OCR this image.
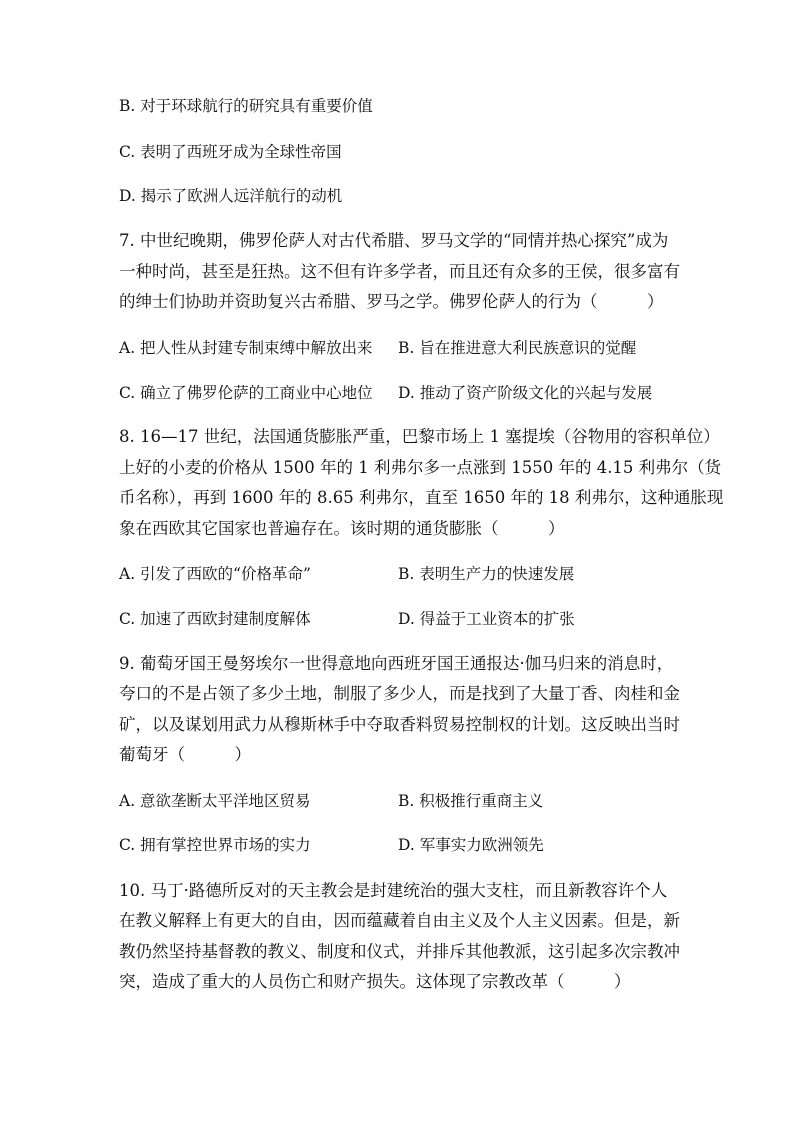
B. 对于环球航行的研究具有重要价值
C. 表明了西班牙成为全球性帝国
D. 揭示了欧洲人远洋航行的动机
7. 中世纪晚期，佛罗伦萨人对古代希腊、罗马文学的“同情并热心探究”成为
一种时尚，甚至是狂热。这不但有许多学者，而且还有众多的王侯，很多富有
的绅士们协助并资助复兴古希腊、罗马之学。佛罗伦萨人的行为（　　　）
A. 把人性从封建专制束缚中解放出来 B. 旨在推进意大利民族意识的觉醒
C. 确立了佛罗伦萨的工商业中心地位 D. 推动了资产阶级文化的兴起与发展
8. 16—17 世纪，法国通货膨胀严重，巴黎市场上 1 塞提埃（谷物用的容积单位）
上好的小麦的价格从 1500 年的 1 利弗尔多一点涨到 1550 年的 4.15 利弗尔（货
币名称），再到 1600 年的 8.65 利弗尔，直至 1650 年的 18 利弗尔，这种通胀现
象在西欧其它国家也普遍存在。该时期的通货膨胀（　　　）
A. 引发了西欧的“价格革命”	B. 表明生产力的快速发展
C. 加速了西欧封建制度解体	D. 得益于工业资本的扩张
9. 葡萄牙国王曼努埃尔一世得意地向西班牙国王通报达·伽马归来的消息时，
夸口的不是占领了多少土地，制服了多少人，而是找到了大量丁香、肉桂和金
矿，以及谋划用武力从穆斯林手中夺取香料贸易控制权的计划。这反映出当时
葡萄牙（　　　）
A. 意欲垄断太平洋地区贸易	B. 积极推行重商主义
C. 拥有掌控世界市场的实力	D. 军事实力欧洲领先
10. 马丁·路德所反对的天主教会是封建统治的强大支柱，而且新教容许个人
在教义解释上有更大的自由，因而蕴藏着自由主义及个人主义因素。但是，新
教仍然坚持基督教的教义、制度和仪式，并排斥其他教派，这引起多次宗教冲
突，造成了重大的人员伤亡和财产损失。这体现了宗教改革（　　　）
